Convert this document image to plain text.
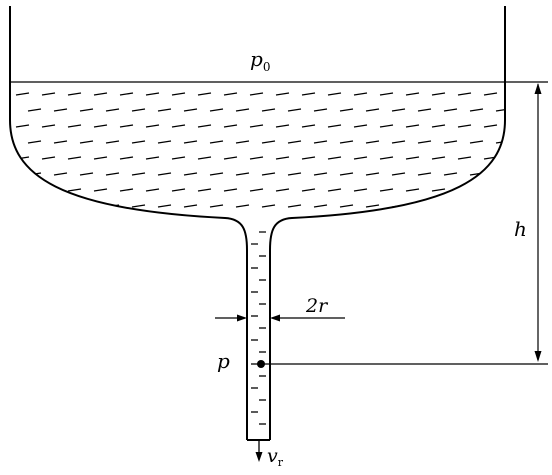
$p_0$
h
p
2r
$v_r$
